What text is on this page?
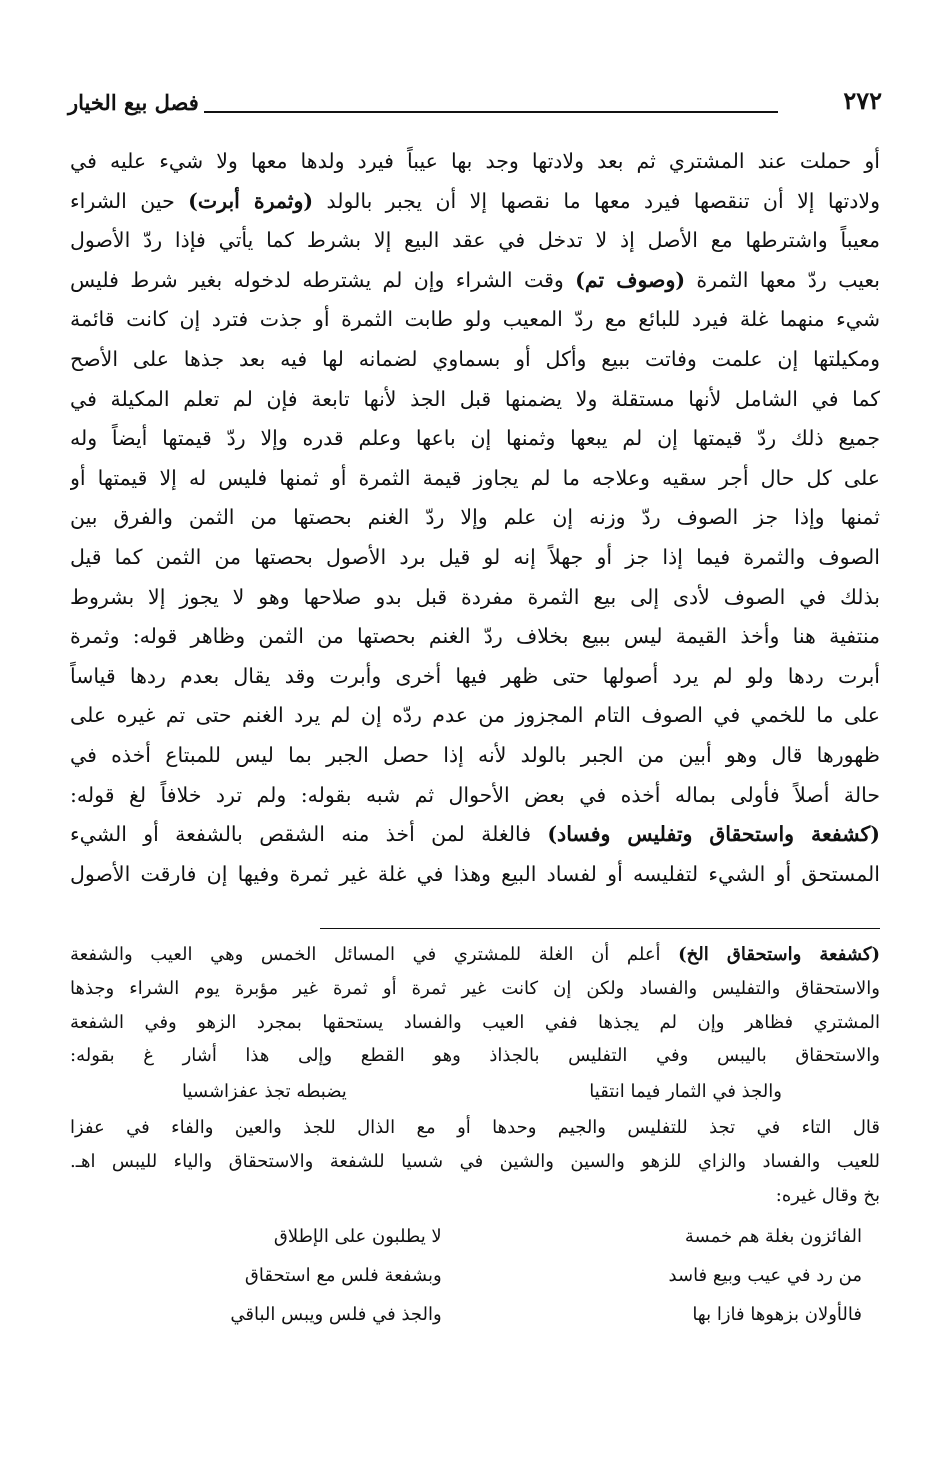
فصل بيع الخيار	٢٧٢
أو حملت عند المشتري ثم بعد ولادتها وجد بها عيباً فيرد ولدها معها ولا شيء عليه في
ولادتها إلا أن تنقصها فيرد معها ما نقصها إلا أن يجبر بالولد (وثمرة أبرت) حين الشراء
معيباً واشترطها مع الأصل إذ لا تدخل في عقد البيع إلا بشرط كما يأتي فإذا ردّ الأصول
بعيب ردّ معها الثمرة (وصوف تم) وقت الشراء وإن لم يشترطه لدخوله بغير شرط فليس
شيء منهما غلة فيرد للبائع مع ردّ المعيب ولو طابت الثمرة أو جذت فترد إن كانت قائمة
ومكيلتها إن علمت وفاتت ببيع وأكل أو بسماوي لضمانه لها فيه بعد جذها على الأصح
كما في الشامل لأنها مستقلة ولا يضمنها قبل الجذ لأنها تابعة فإن لم تعلم المكيلة في
جميع ذلك ردّ قيمتها إن لم يبعها وثمنها إن باعها وعلم قدره وإلا ردّ قيمتها أيضاً وله
على كل حال أجر سقيه وعلاجه ما لم يجاوز قيمة الثمرة أو ثمنها فليس له إلا قيمتها أو
ثمنها وإذا جز الصوف ردّ وزنه إن علم وإلا ردّ الغنم بحصتها من الثمن والفرق بين
الصوف والثمرة فيما إذا جز أو جهلاً إنه لو قيل برد الأصول بحصتها من الثمن كما قيل
بذلك في الصوف لأدى إلى بيع الثمرة مفردة قبل بدو صلاحها وهو لا يجوز إلا بشروط
منتفية هنا وأخذ القيمة ليس ببيع بخلاف ردّ الغنم بحصتها من الثمن وظاهر قوله: وثمرة
أبرت ردها ولو لم يرد أصولها حتى ظهر فيها أخرى وأبرت وقد يقال بعدم ردها قياساً
على ما للخمي في الصوف التام المجزوز من عدم ردّه إن لم يرد الغنم حتى تم غيره على
ظهورها قال وهو أبين من الجبر بالولد لأنه إذا حصل الجبر بما ليس للمبتاع أخذه في
حالة أصلاً فأولى بماله أخذه في بعض الأحوال ثم شبه بقوله: ولم ترد خلافاً لغ قوله:
(كشفعة واستحقاق وتفليس وفساد) فالغلة لمن أخذ منه الشقص بالشفعة أو الشيء
المستحق أو الشيء لتفليسه أو لفساد البيع وهذا في غلة غير ثمرة وفيها إن فارقت الأصول
(كشفعة واستحقاق الخ) أعلم أن الغلة للمشتري في المسائل الخمس وهي العيب والشفعة
والاستحقاق والتفليس والفساد ولكن إن كانت غير ثمرة أو ثمرة غير مؤبرة يوم الشراء وجذها
المشتري فظاهر وإن لم يجذها ففي العيب والفساد يستحقها بمجرد الزهو وفي الشفعة
والاستحقاق باليبس وفي التفليس بالجذاذ وهو القطع وإلى هذا أشار غ بقوله:
والجذ في الثمار فيما انتقيا
يضبطه تجذ عفزاشسيا
قال التاء في تجذ للتفليس والجيم وحدها أو مع الذال للجذ والعين والفاء في عفزا
للعيب والفساد والزاي للزهو والسين والشين في شسيا للشفعة والاستحقاق والياء لليبس اهـ.
بخ وقال غيره:
الفائزون بغلة هم خمسة
لا يطلبون على الإطلاق
من رد في عيب وبيع فاسد
وبشفعة فلس مع استحقاق
فالأولان بزهوها فازا بها
والجذ في فلس ويبس الباقي
